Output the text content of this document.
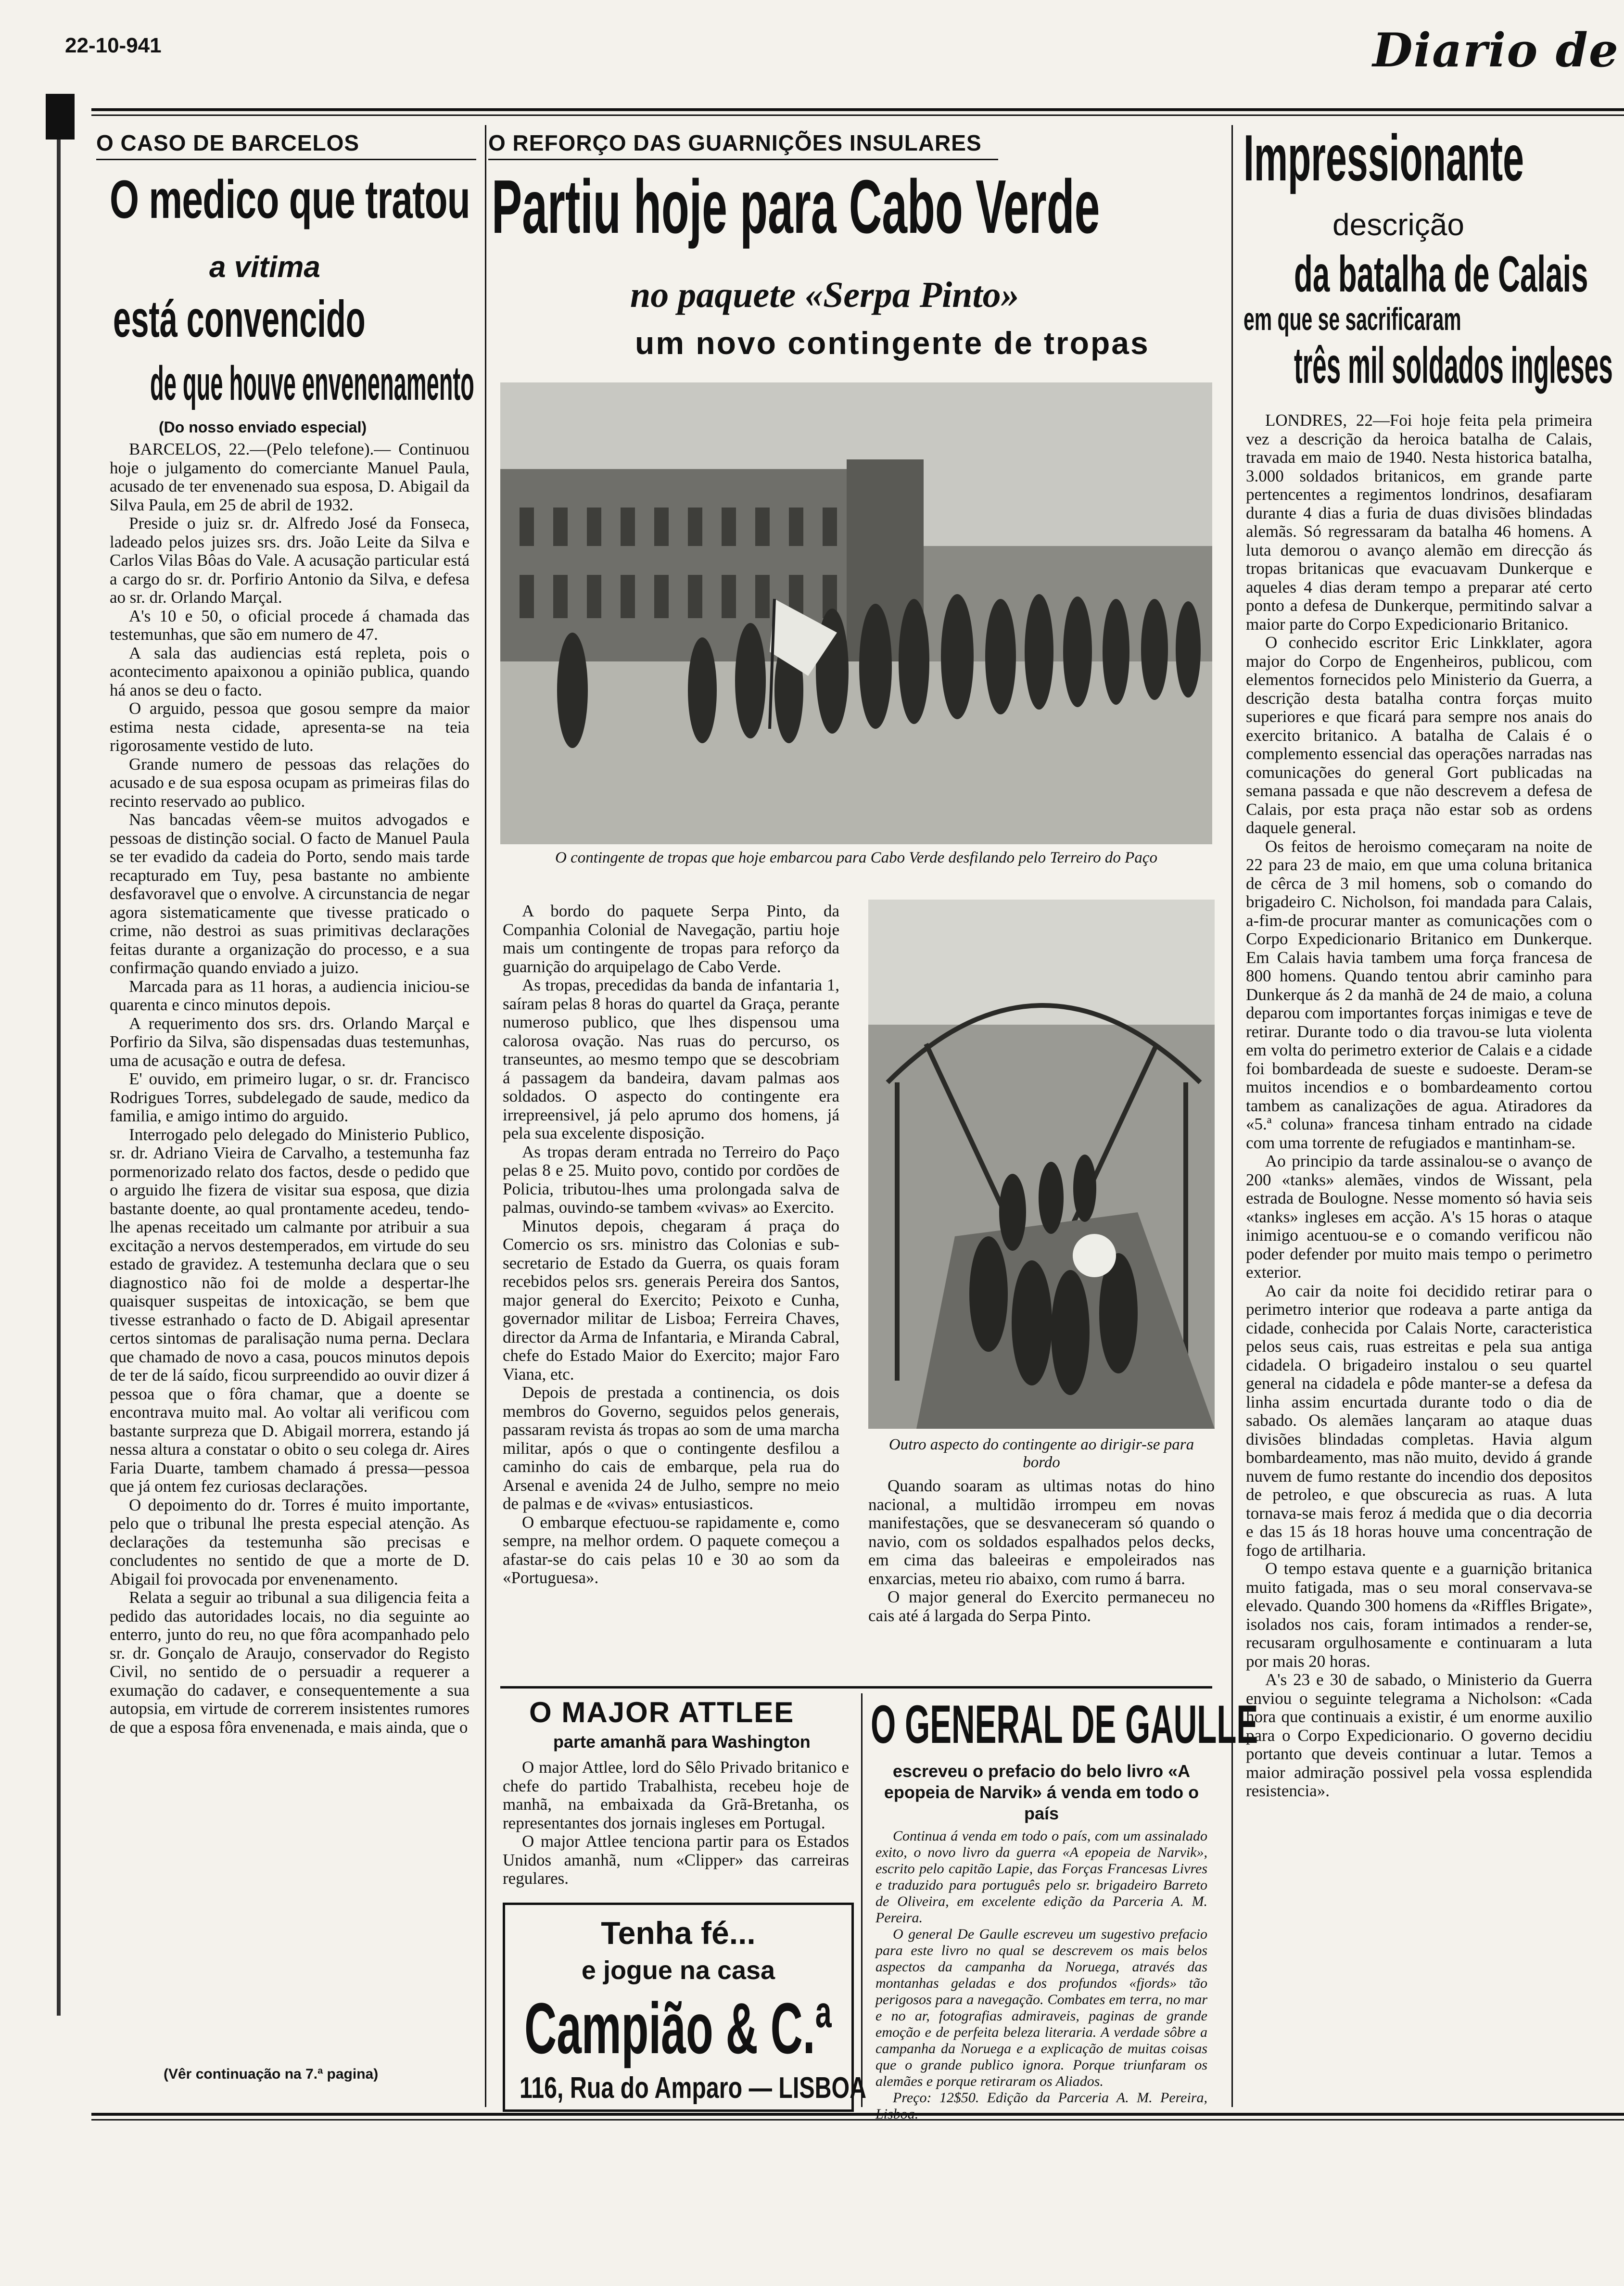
22-10-941	Diario de
O CASO DE BARCELOS
O medico que tratou
a vitima
está convencido
de que houve envenenamento
(Do nosso enviado especial)

BARCELOS, 22.—(Pelo telefone).— Continuou hoje o julgamento do comerciante Manuel Paula, acusado de ter envenenado sua esposa, D. Abigail da Silva Paula, em 25 de abril de 1932.

Preside o juiz sr. dr. Alfredo José da Fonseca, ladeado pelos juizes srs. drs. João Leite da Silva e Carlos Vilas Bôas do Vale. A acusação particular está a cargo do sr. dr. Porfirio Antonio da Silva, e defesa ao sr. dr. Orlando Marçal.

A's 10 e 50, o oficial procede á chamada das testemunhas, que são em numero de 47.

A sala das audiencias está repleta, pois o acontecimento apaixonou a opinião publica, quando há anos se deu o facto.

O arguido, pessoa que gosou sempre da maior estima nesta cidade, apresenta-se na teia rigorosamente vestido de luto.

Grande numero de pessoas das relações do acusado e de sua esposa ocupam as primeiras filas do recinto reservado ao publico.

Nas bancadas vêem-se muitos advogados e pessoas de distinção social. O facto de Manuel Paula se ter evadido da cadeia do Porto, sendo mais tarde recapturado em Tuy, pesa bastante no ambiente desfavoravel que o envolve. A circunstancia de negar agora sistematicamente que tivesse praticado o crime, não destroi as suas primitivas declarações feitas durante a organização do processo, e a sua confirmação quando enviado a juizo.

Marcada para as 11 horas, a audiencia iniciou-se quarenta e cinco minutos depois.

A requerimento dos srs. drs. Orlando Marçal e Porfirio da Silva, são dispensadas duas testemunhas, uma de acusação e outra de defesa.

E' ouvido, em primeiro lugar, o sr. dr. Francisco Rodrigues Torres, subdelegado de saude, medico da familia, e amigo intimo do arguido.

Interrogado pelo delegado do Ministerio Publico, sr. dr. Adriano Vieira de Carvalho, a testemunha faz pormenorizado relato dos factos, desde o pedido que o arguido lhe fizera de visitar sua esposa, que dizia bastante doente, ao qual prontamente acedeu, tendo-lhe apenas receitado um calmante por atribuir a sua excitação a nervos destemperados, em virtude do seu estado de gravidez. A testemunha declara que o seu diagnostico não foi de molde a despertar-lhe quaisquer suspeitas de intoxicação, se bem que tivesse estranhado o facto de D. Abigail apresentar certos sintomas de paralisação numa perna. Declara que chamado de novo a casa, poucos minutos depois de ter de lá saído, ficou surpreendido ao ouvir dizer á pessoa que o fôra chamar, que a doente se encontrava muito mal. Ao voltar ali verificou com bastante surpreza que D. Abigail morrera, estando já nessa altura a constatar o obito o seu colega dr. Aires Faria Duarte, tambem chamado á pressa—pessoa que já ontem fez curiosas declarações.

O depoimento do dr. Torres é muito importante, pelo que o tribunal lhe presta especial atenção. As declarações da testemunha são precisas e concludentes no sentido de que a morte de D. Abigail foi provocada por envenenamento.

Relata a seguir ao tribunal a sua diligencia feita a pedido das autoridades locais, no dia seguinte ao enterro, junto do reu, no que fôra acompanhado pelo sr. dr. Gonçalo de Araujo, conservador do Registo Civil, no sentido de o persuadir a requerer a exumação do cadaver, e consequentemente a sua autopsia, em virtude de correrem insistentes rumores de que a esposa fôra envenenada, e mais ainda, que o

(Vêr continuação na 7.ª pagina)
O REFORÇO DAS GUARNIÇÕES INSULARES
Partiu hoje para Cabo Verde
no paquete «Serpa Pinto»
um novo contingente de tropas
O contingente de tropas que hoje embarcou para Cabo Verde desfilando pelo Terreiro do Paço

A bordo do paquete Serpa Pinto, da Companhia Colonial de Navegação, partiu hoje mais um contingente de tropas para reforço da guarnição do arquipelago de Cabo Verde.

As tropas, precedidas da banda de infantaria 1, saíram pelas 8 horas do quartel da Graça, perante numeroso publico, que lhes dispensou uma calorosa ovação. Nas ruas do percurso, os transeuntes, ao mesmo tempo que se descobriam á passagem da bandeira, davam palmas aos soldados. O aspecto do contingente era irrepreensivel, já pelo aprumo dos homens, já pela sua excelente disposição.

As tropas deram entrada no Terreiro do Paço pelas 8 e 25. Muito povo, contido por cordões de Policia, tributou-lhes uma prolongada salva de palmas, ouvindo-se tambem «vivas» ao Exercito.

Minutos depois, chegaram á praça do Comercio os srs. ministro das Colonias e sub-secretario de Estado da Guerra, os quais foram recebidos pelos srs. generais Pereira dos Santos, major general do Exercito; Peixoto e Cunha, governador militar de Lisboa; Ferreira Chaves, director da Arma de Infantaria, e Miranda Cabral, chefe do Estado Maior do Exercito; major Faro Viana, etc.

Depois de prestada a continencia, os dois membros do Governo, seguidos pelos generais, passaram revista ás tropas ao som de uma marcha militar, após o que o contingente desfilou a caminho do cais de embarque, pela rua do Arsenal e avenida 24 de Julho, sempre no meio de palmas e de «vivas» entusiasticos.

O embarque efectuou-se rapidamente e, como sempre, na melhor ordem. O paquete começou a afastar-se do cais pelas 10 e 30 ao som da «Portuguesa».

Outro aspecto do contingente ao dirigir-se para bordo

Quando soaram as ultimas notas do hino nacional, a multidão irrompeu em novas manifestações, que se desvaneceram só quando o navio, com os soldados espalhados pelos decks, em cima das baleeiras e empoleirados nas enxarcias, meteu rio abaixo, com rumo á barra.

O major general do Exercito permaneceu no cais até á largada do Serpa Pinto.

O MAJOR ATTLEE
parte amanhã para Washington

O major Attlee, lord do Sêlo Privado britanico e chefe do partido Trabalhista, recebeu hoje de manhã, na embaixada da Grã-Bretanha, os representantes dos jornais ingleses em Portugal.

O major Attlee tenciona partir para os Estados Unidos amanhã, num «Clipper» das carreiras regulares.

Tenha fé...
e jogue na casa
Campião & C.ª
116, Rua do Amparo — LISBOA
O GENERAL DE GAULLE
escreveu o prefacio do belo livro «A epopeia de Narvik» á venda em todo o país

Continua á venda em todo o país, com um assinalado exito, o novo livro da guerra «A epopeia de Narvik», escrito pelo capitão Lapie, das Forças Francesas Livres e traduzido para português pelo sr. brigadeiro Barreto de Oliveira, em excelente edição da Parceria A. M. Pereira.

O general De Gaulle escreveu um sugestivo prefacio para este livro no qual se descrevem os mais belos aspectos da campanha da Noruega, através das montanhas geladas e dos profundos «fjords» tão perigosos para a navegação. Combates em terra, no mar e no ar, fotografias admiraveis, paginas de grande emoção e de perfeita beleza literaria. A verdade sôbre a campanha da Noruega e a explicação de muitas coisas que o grande publico ignora. Porque triunfaram os alemães e porque retiraram os Aliados.

Preço: 12$50. Edição da Parceria A. M. Pereira, Lisboa.

Impressionante
descrição
da batalha de Calais
em que se sacrificaram
três mil soldados ingleses

LONDRES, 22—Foi hoje feita pela primeira vez a descrição da heroica batalha de Calais, travada em maio de 1940. Nesta historica batalha, 3.000 soldados britanicos, em grande parte pertencentes a regimentos londrinos, desafiaram durante 4 dias a furia de duas divisões blindadas alemãs. Só regressaram da batalha 46 homens. A luta demorou o avanço alemão em direcção ás tropas britanicas que evacuavam Dunkerque e aqueles 4 dias deram tempo a preparar até certo ponto a defesa de Dunkerque, permitindo salvar a maior parte do Corpo Expedicionario Britanico.

O conhecido escritor Eric Linkklater, agora major do Corpo de Engenheiros, publicou, com elementos fornecidos pelo Ministerio da Guerra, a descrição desta batalha contra forças muito superiores e que ficará para sempre nos anais do exercito britanico. A batalha de Calais é o complemento essencial das operações narradas nas comunicações do general Gort publicadas na semana passada e que não descrevem a defesa de Calais, por esta praça não estar sob as ordens daquele general.

Os feitos de heroismo começaram na noite de 22 para 23 de maio, em que uma coluna britanica de cêrca de 3 mil homens, sob o comando do brigadeiro C. Nicholson, foi mandada para Calais, a-fim-de procurar manter as comunicações com o Corpo Expedicionario Britanico em Dunkerque. Em Calais havia tambem uma força francesa de 800 homens. Quando tentou abrir caminho para Dunkerque ás 2 da manhã de 24 de maio, a coluna deparou com importantes forças inimigas e teve de retirar. Durante todo o dia travou-se luta violenta em volta do perimetro exterior de Calais e a cidade foi bombardeada de sueste e sudoeste. Deram-se muitos incendios e o bombardeamento cortou tambem as canalizações de agua. Atiradores da «5.ª coluna» francesa tinham entrado na cidade com uma torrente de refugiados e mantinham-se.

Ao principio da tarde assinalou-se o avanço de 200 «tanks» alemães, vindos de Wissant, pela estrada de Boulogne. Nesse momento só havia seis «tanks» ingleses em acção. A's 15 horas o ataque inimigo acentuou-se e o comando verificou não poder defender por muito mais tempo o perimetro exterior.

Ao cair da noite foi decidido retirar para o perimetro interior que rodeava a parte antiga da cidade, conhecida por Calais Norte, caracteristica pelos seus cais, ruas estreitas e pela sua antiga cidadela. O brigadeiro instalou o seu quartel general na cidadela e pôde manter-se a defesa da linha assim encurtada durante todo o dia de sabado. Os alemães lançaram ao ataque duas divisões blindadas completas. Havia algum bombardeamento, mas não muito, devido á grande nuvem de fumo restante do incendio dos depositos de petroleo, e que obscurecia as ruas. A luta tornava-se mais feroz á medida que o dia decorria e das 15 ás 18 horas houve uma concentração de fogo de artilharia.

O tempo estava quente e a guarnição britanica muito fatigada, mas o seu moral conservava-se elevado. Quando 300 homens da «Riffles Brigate», isolados nos cais, foram intimados a render-se, recusaram orgulhosamente e continuaram a luta por mais 20 horas.

A's 23 e 30 de sabado, o Ministerio da Guerra enviou o seguinte telegrama a Nicholson: «Cada hora que continuais a existir, é um enorme auxilio para o Corpo Expedicionario. O governo decidiu portanto que deveis continuar a lutar. Temos a maior admiração possivel pela vossa esplendida resistencia».
